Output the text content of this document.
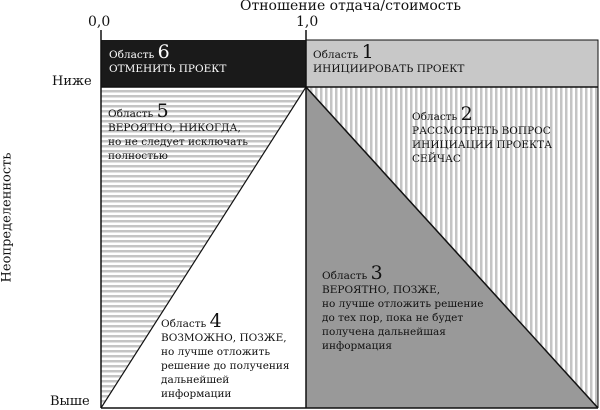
Отношение отдача/стоимость
0,0	1,0
Ниже
Выше
Неопределенность
Область 6
ОТМЕНИТЬ ПРОЕКТ
Область 1
ИНИЦИИРОВАТЬ ПРОЕКТ
Область 5
ВЕРОЯТНО, НИКОГДА,
но не следует исключать
полностью
Область 2
РАССМОТРЕТЬ ВОПРОС
ИНИЦИАЦИИ ПРОЕКТА
СЕЙЧАС
Область 3
ВЕРОЯТНО, ПОЗЖЕ,
но лучше отложить решение
до тех пор, пока не будет
получена дальнейшая
информация
Область 4
ВОЗМОЖНО, ПОЗЖЕ,
но лучше отложить
решение до получения
дальнейшей
информации
